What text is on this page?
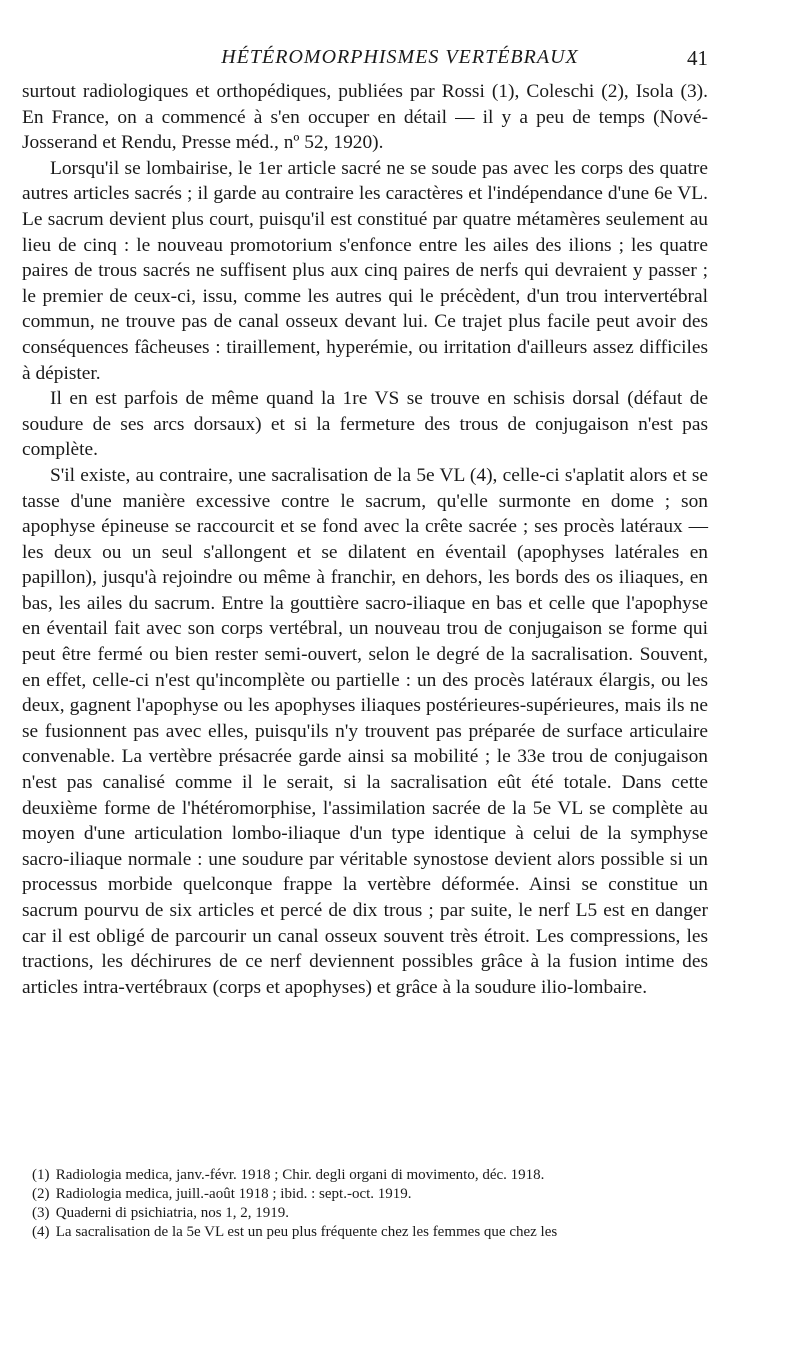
HÉTÉROMORPHISMES VERTÉBRAUX	41

surtout radiologiques et orthopédiques, publiées par Rossi (1), Coleschi (2), Isola (3). En France, on a commencé à s'en occuper en détail — il y a peu de temps (Nové-Josserand et Rendu, Presse méd., nº 52, 1920).

Lorsqu'il se lombairise, le 1er article sacré ne se soude pas avec les corps des quatre autres articles sacrés ; il garde au contraire les caractères et l'indépendance d'une 6e VL. Le sacrum devient plus court, puisqu'il est constitué par quatre métamères seulement au lieu de cinq : le nouveau promotorium s'enfonce entre les ailes des ilions ; les quatre paires de trous sacrés ne suffisent plus aux cinq paires de nerfs qui devraient y passer ; le premier de ceux-ci, issu, comme les autres qui le précèdent, d'un trou intervertébral commun, ne trouve pas de canal osseux devant lui. Ce trajet plus facile peut avoir des conséquences fâcheuses : tiraillement, hyperémie, ou irritation d'ailleurs assez difficiles à dépister.

Il en est parfois de même quand la 1re VS se trouve en schisis dorsal (défaut de soudure de ses arcs dorsaux) et si la fermeture des trous de conjugaison n'est pas complète.

S'il existe, au contraire, une sacralisation de la 5e VL (4), celle-ci s'aplatit alors et se tasse d'une manière excessive contre le sacrum, qu'elle surmonte en dome ; son apophyse épineuse se raccourcit et se fond avec la crête sacrée ; ses procès latéraux — les deux ou un seul s'allongent et se dilatent en éventail (apophyses latérales en papillon), jusqu'à rejoindre ou même à franchir, en dehors, les bords des os iliaques, en bas, les ailes du sacrum. Entre la gouttière sacro-iliaque en bas et celle que l'apophyse en éventail fait avec son corps vertébral, un nouveau trou de conjugaison se forme qui peut être fermé ou bien rester semi-ouvert, selon le degré de la sacralisation. Souvent, en effet, celle-ci n'est qu'incomplète ou partielle : un des procès latéraux élargis, ou les deux, gagnent l'apophyse ou les apophyses iliaques postérieures-supérieures, mais ils ne se fusionnent pas avec elles, puisqu'ils n'y trouvent pas préparée de surface articulaire convenable. La vertèbre présacrée garde ainsi sa mobilité ; le 33e trou de conjugaison n'est pas canalisé comme il le serait, si la sacralisation eût été totale. Dans cette deuxième forme de l'hétéromorphise, l'assimilation sacrée de la 5e VL se complète au moyen d'une articulation lombo-iliaque d'un type identique à celui de la symphyse sacro-iliaque normale : une soudure par véritable synostose devient alors possible si un processus morbide quelconque frappe la vertèbre déformée. Ainsi se constitue un sacrum pourvu de six articles et percé de dix trous ; par suite, le nerf L5 est en danger car il est obligé de parcourir un canal osseux souvent très étroit. Les compressions, les tractions, les déchirures de ce nerf deviennent possibles grâce à la fusion intime des articles intra-vertébraux (corps et apophyses) et grâce à la soudure ilio-lombaire.

(1) Radiologia medica, janv.-févr. 1918 ; Chir. degli organi di movimento, déc. 1918.
(2) Radiologia medica, juill.-août 1918 ; ibid. : sept.-oct. 1919.
(3) Quaderni di psichiatria, nos 1, 2, 1919.
(4) La sacralisation de la 5e VL est un peu plus fréquente chez les femmes que chez les
